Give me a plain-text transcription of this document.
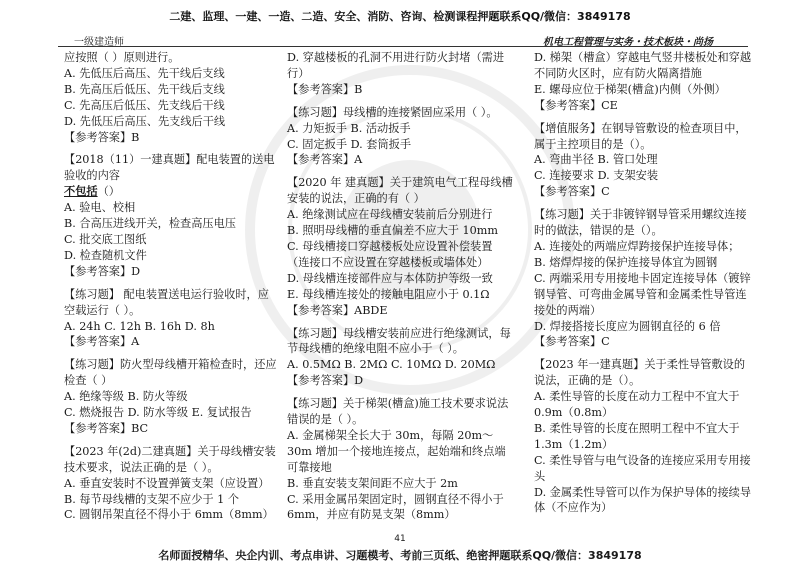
二建、监理、一建、一造、二造、安全、消防、咨询、检测课程押题联系QQ/微信：3849178
一级建造师	机电工程管理与实务・技术板块・尚扬

应按照（ ）原则进行。

A. 先低压后高压、先干线后支线

B. 先高压后低压、先干线后支线

C. 先高压后低压、先支线后干线

D. 先低压后高压、先支线后干线

【参考答案】B

【2018（11）一建真题】配电装置的送电验收的内容

不包括（）

A. 验电、校相

B. 合高压进线开关，检查高压电压

C. 批交底工图纸

D. 检查随机文件

【参考答案】D

【练习题】 配电装置送电运行验收时，应空载运行（ ）。

A. 24h C. 12h B. 16h D. 8h

【参考答案】A

【练习题】防火型母线槽开箱检查时，还应检查（ ）

A. 绝缘等级 B. 防火等级

C. 燃烧报告 D. 防水等级 E. 复试报告

【参考答案】BC

【2023 年(2d)二建真题】关于母线槽安装技术要求，说法正确的是（ ）。

A. 垂直安装时不设置弹簧支架（应设置）

B. 每节母线槽的支架不应少于 1 个

C. 圆钢吊架直径不得小于 6mm（8mm）

D. 穿越楼板的孔洞不用进行防火封堵（需进行）

【参考答案】B

【练习题】母线槽的连接紧固应采用（ ）。

A. 力矩扳手 B. 活动扳手

C. 固定扳手 D. 套筒扳手

【参考答案】A

【2020 年 建真题】关于建筑电气工程母线槽安装的说法，正确的有（ ）

A. 绝缘测试应在母线槽安装前后分别进行

B. 照明母线槽的垂直偏差不应大于 10mm

C. 母线槽接口穿越楼板处应设置补偿装置（连接口不应设置在穿越楼板或墙体处）

D. 母线槽连接部件应与本体防护等级一致

E. 母线槽连接处的接触电阻应小于 0.1Ω

【参考答案】ABDE

【练习题】母线槽安装前应进行绝缘测试，每节母线槽的绝缘电阻不应小于（ ）。

A. 0.5MΩ B. 2MΩ C. 10MΩ D. 20MΩ

【参考答案】D

【练习题】关于梯架(槽盒)施工技术要求说法错误的是（ ）。

A. 金属梯架全长大于 30m，每隔 20m～30m 增加一个接地连接点，起始端和终点端可靠接地

B. 垂直安装支架间距不应大于 2m

C. 采用金属吊架固定时，圆钢直径不得小于 6mm，并应有防晃支架（8mm）

D. 梯架（槽盒）穿越电气竖井楼板处和穿越不同防火区时，应有防火隔离措施

E. 螺母应位于梯架(槽盒)内侧（外侧）

【参考答案】CE

【增值服务】在钢导管敷设的检查项目中，属于主控项目的是（）。

A. 弯曲半径 B. 管口处理

C. 连接要求 D. 支架安装

【参考答案】C

【练习题】关于非镀锌钢导管采用螺纹连接时的做法，错误的是（）。

A. 连接处的两端应焊跨接保护连接导体；

B. 熔焊焊接的保护连接导体宜为圆钢

C. 两端采用专用接地卡固定连接导体（镀锌钢导管、可弯曲金属导管和金属柔性导管连接处的两端）

D. 焊接搭接长度应为圆钢直径的 6 倍

【参考答案】C

【2023 年一建真题】关于柔性导管敷设的说法，正确的是（）。

A. 柔性导管的长度在动力工程中不宜大于 0.9m（0.8m）

B. 柔性导管的长度在照明工程中不宜大于 1.3m（1.2m）

C. 柔性导管与电气设备的连接应采用专用接头

D. 金属柔性导管可以作为保护导体的接续导体（不应作为）

41
名师面授精华、央企内训、考点串讲、习题模考、考前三页纸、绝密押题联系QQ/微信：3849178
